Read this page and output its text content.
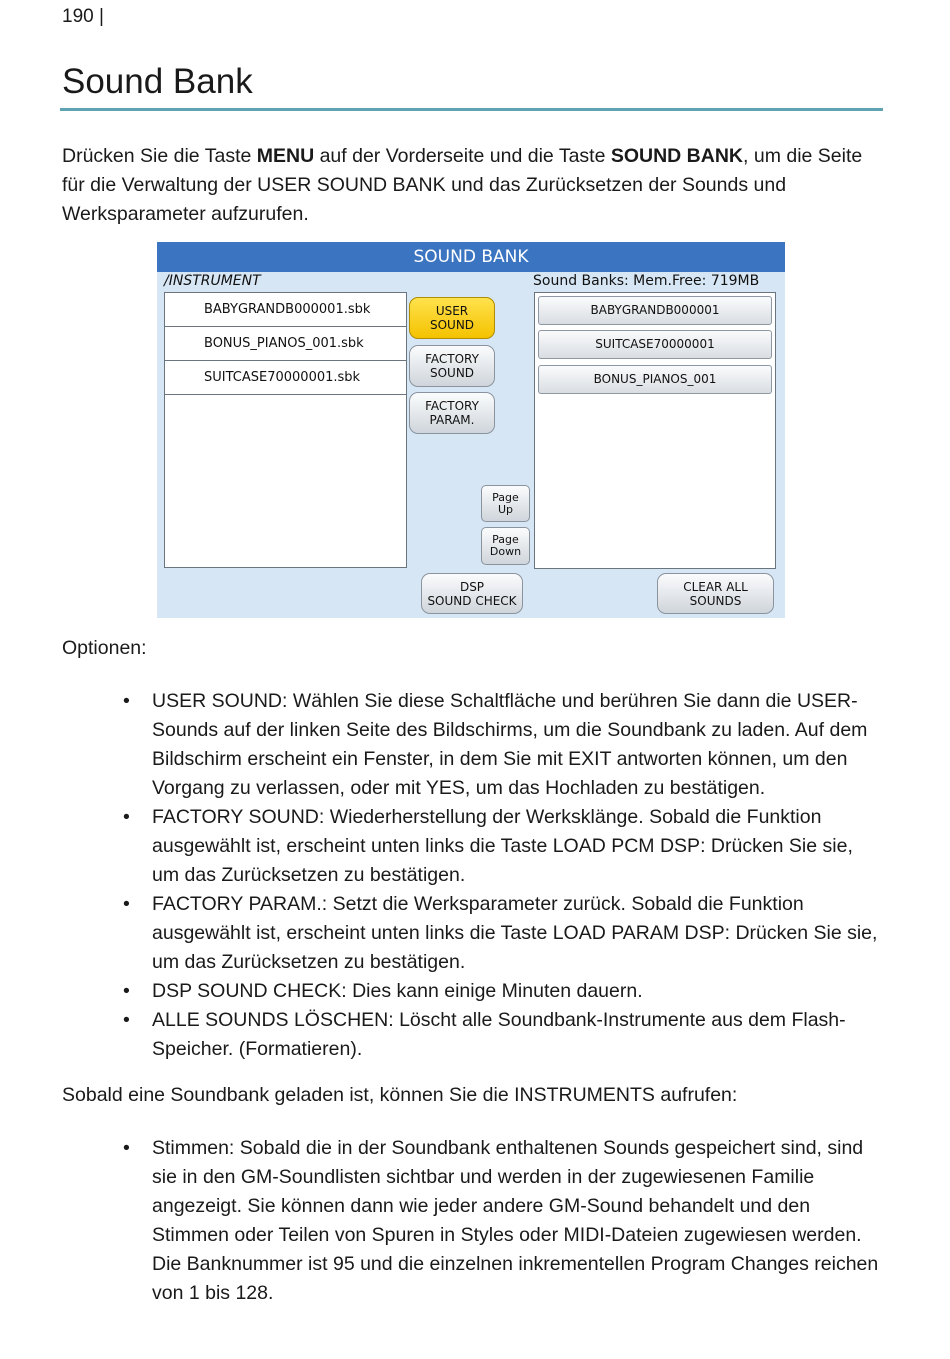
190 |
Sound Bank

Drücken Sie die Taste MENU auf der Vorderseite und die Taste SOUND BANK, um die Seite für die Verwaltung der USER SOUND BANK und das Zurücksetzen der Sounds und Werksparameter aufzurufen.

SOUND BANK
/INSTRUMENT	Sound Banks: Mem.Free: 719MB
BABYGRANDB000001.sbk
BONUS_PIANOS_001.sbk
SUITCASE70000001.sbk
USER
SOUND
FACTORY
SOUND
FACTORY
PARAM.
Page
Up
Page
Down
BABYGRANDB000001
SUITCASE70000001
BONUS_PIANOS_001
DSP
SOUND CHECK
CLEAR ALL
SOUNDS

Optionen:

• USER SOUND: Wählen Sie diese Schaltfläche und berühren Sie dann die USER-Sounds auf der linken Seite des Bildschirms, um die Soundbank zu laden. Auf dem Bildschirm erscheint ein Fenster, in dem Sie mit EXIT antworten können, um den Vorgang zu verlassen, oder mit YES, um das Hochladen zu bestätigen.
• FACTORY SOUND: Wiederherstellung der Werksklänge. Sobald die Funktion ausgewählt ist, erscheint unten links die Taste LOAD PCM DSP: Drücken Sie sie, um das Zurücksetzen zu bestätigen.
• FACTORY PARAM.: Setzt die Werksparameter zurück. Sobald die Funktion ausgewählt ist, erscheint unten links die Taste LOAD PARAM DSP: Drücken Sie sie, um das Zurücksetzen zu bestätigen.
• DSP SOUND CHECK: Dies kann einige Minuten dauern.
• ALLE SOUNDS LÖSCHEN: Löscht alle Soundbank-Instrumente aus dem Flash-Speicher. (Formatieren).

Sobald eine Soundbank geladen ist, können Sie die INSTRUMENTS aufrufen:

• Stimmen: Sobald die in der Soundbank enthaltenen Sounds gespeichert sind, sind sie in den GM-Soundlisten sichtbar und werden in der zugewiesenen Familie angezeigt. Sie können dann wie jeder andere GM-Sound behandelt und den Stimmen oder Teilen von Spuren in Styles oder MIDI-Dateien zugewiesen werden. Die Banknummer ist 95 und die einzelnen inkrementellen Program Changes reichen von 1 bis 128.
